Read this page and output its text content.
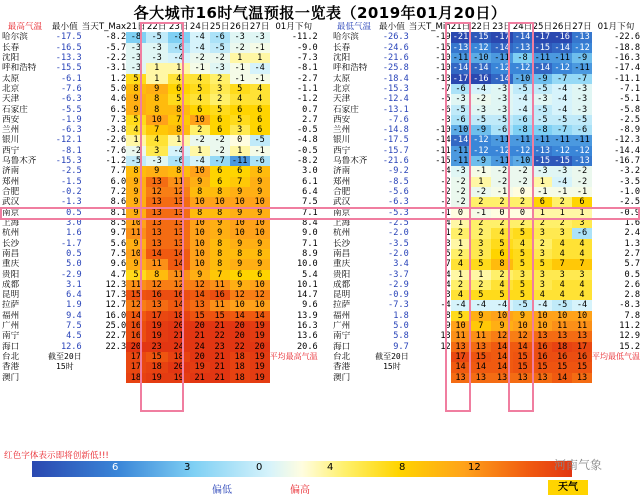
各大城市16时气温预报一览表（2019年01月20日）
最高气温	最小值	当天T_Max	21日	22日	23日	24日	25日	26日	27日	01月下旬
哈尔滨	-17.5	-8.2	-8	-5	-8	-4	-6	-3	-3	-11.2
长春	-16.5	-5.7	-3	-3	-6	-4	-5	-2	-1	-9.0
沈阳	-13.3	-2.2	-3	-3	-4	-2	-2	1	1	-7.3
呼和浩特	-15.5	-3.1	-3	1	1	-1	-3	-1	-4	-8.1
太原	-6.1	1.2	5	1	4	4	2	-1	-1	-2.7
北京	-7.6	5.0	8	9	6	5	3	5	4	-1.1
天津	-6.3	4.6	9	8	5	4	2	4	4	-1.2
石家庄	-5.5	6.5	9	8	8	6	5	6	6	0.7
西安	-1.9	7.3	5	10	7	10	6	5	6	2.7
兰州	-6.3	-3.8	4	7	8	2	6	3	6	-0.5
银川	-12.1	-2.6	1	4	1	-2	-2	0	-5	-4.8
西宁	-8.1	-7.6	-2	3	-4	1	-2	1	-1	-0.5
乌鲁木齐	-15.3	-1.2	-5	-3	-6	-4	-7	-11	-6	-8.2
济南	-2.5	7.7	8	9	8	10	6	6	8	3.0
郑州	-1.5	6.0	9	13	11	9	6	7	9	6.1
合肥	-0.2	7.2	9	12	12	8	8	9	9	6.4
武汉	-1.3	8.6	9	13	13	10	10	10	10	7.5
南京	0.5	8.1	9	13	13	8	8	9	9	7.1
上海	3.0	8.5	10	13	13	10	9	10	10	8.4
杭州	1.6	9.7	11	13	13	10	9	10	10	9.0
长沙	-1.7	5.6	9	13	13	10	8	9	9	7.1
南昌	0.5	7.5	10	14	14	10	8	8	8	8.9
重庆	5.0	9.6	9	11	14	10	8	9	9	10.0
贵阳	-2.9	4.7	5	8	11	9	7	6	6	5.4
成都	3.1	12.3	11	12	12	12	11	9	10	10.1
昆明	6.4	17.3	15	16	16	14	16	12	12	14.7
拉萨	1.9	12.7	12	13	14	13	11	10	10	9.6
福州	9.4	16.0	14	17	18	15	15	14	14	13.9
广州	7.5	25.0	16	19	20	20	21	20	19	16.3
南宁	4.5	22.7	16	19	21	21	22	20	19	13.6
海口	12.6	22.3	20	23	24	24	23	22	20	20.6
台北	截至20日		17	15	18	20	21	18	19	平均最高气温
香港	15时		17	18	20	19	21	18	19	
澳门			18	19	19	21	21	18	19	
最低气温	最小值	当天T_Min	21日	22日	23日	24日	25日	26日	27日	01月下旬
哈尔滨	-26.3	-19	-21	-15	-17	-14	-17	-16	-13	-22.6
长春	-24.6	-15	-13	-12	-14	-13	-15	-14	-12	-18.8
沈阳	-21.6	-10	-11	-10	-11	-8	-11	-11	-9	-16.3
呼和浩特	-25.8	-10	-14	-14	-12	-12	-14	-12	-11	-17.4
太原	-18.4	-13	-17	-16	-14	-10	-9	-7	-7	-11.1
北京	-15.3	-7	-6	-4	-3	-5	-5	-4	-3	-7.1
天津	-12.4	-5	-3	-2	-3	-4	-3	-4	-3	-5.1
石家庄	-13.1	-6	-5	-3	-3	-4	-5	-4	-3	-5.8
西安	-7.6	-3	-6	-5	-5	-6	-5	-5	-5	-2.5
兰州	-14.8	-10	-10	-9	-6	-8	-8	-7	-6	-8.9
银川	-17.5	-14	-14	-12	-11	-11	-11	-11	-11	-12.3
西宁	-15.7	-11	-11	-12	-12	-12	-13	-12	-12	-14.4
乌鲁木齐	-21.6	-15	-11	-9	-11	-10	-15	-15	-13	-16.7
济南	-9.2	-4	-3	-1	-2	-2	-3	-3	-2	-3.2
郑州	-8.5	-2	-2	1	-2	-2	1	-4	-2	-3.5
合肥	-5.6	-2	-2	-2	-1	0	-1	-1	-1	-1.0
武汉	-6.3	-2	-2	2	2	2	6	2	6	-2.5
南京	-5.3	-1	0	-1	0	0	1	1	1	-0.9
上海	-2.5	4	1	2	2	2	2	2	3	1.6
杭州	-2.0	1	2	2	4	5	3	3	-6	2.4
长沙	-3.5	3	1	3	5	4	2	4	4	1.3
南昌	-2.0	5	2	3	6	5	3	4	4	2.7
重庆	3.4	7	4	5	8	5	5	7	7	5.7
贵阳	-3.7	4	1	1	2	3	3	3	3	0.5
成都	-2.9	4	2	2	4	5	3	4	4	2.6
昆明	-0.9	3	4	5	5	5	4	4	4	2.8
拉萨	-7.3	-4	-4	-4	-4	-5	-4	-5	-4	-8.3
福州	1.8	8	5	9	10	9	10	10	10	7.8
广州	5.0	9	10	7	9	10	10	11	11	11.2
南宁	5.8	13	11	11	12	12	13	13	13	12.9
海口	9.7	12	13	13	14	14	16	18	17	15.2
台北	截至20日		17	15	14	15	16	16	16	平均最低气温
香港	15时		14	14	14	15	15	15	15	
澳门			13	13	13	13	13	14	13	
红色字体表示即将创新低!!!
6	3	0	4	8	12
偏低	偏高	天气
河南气象
